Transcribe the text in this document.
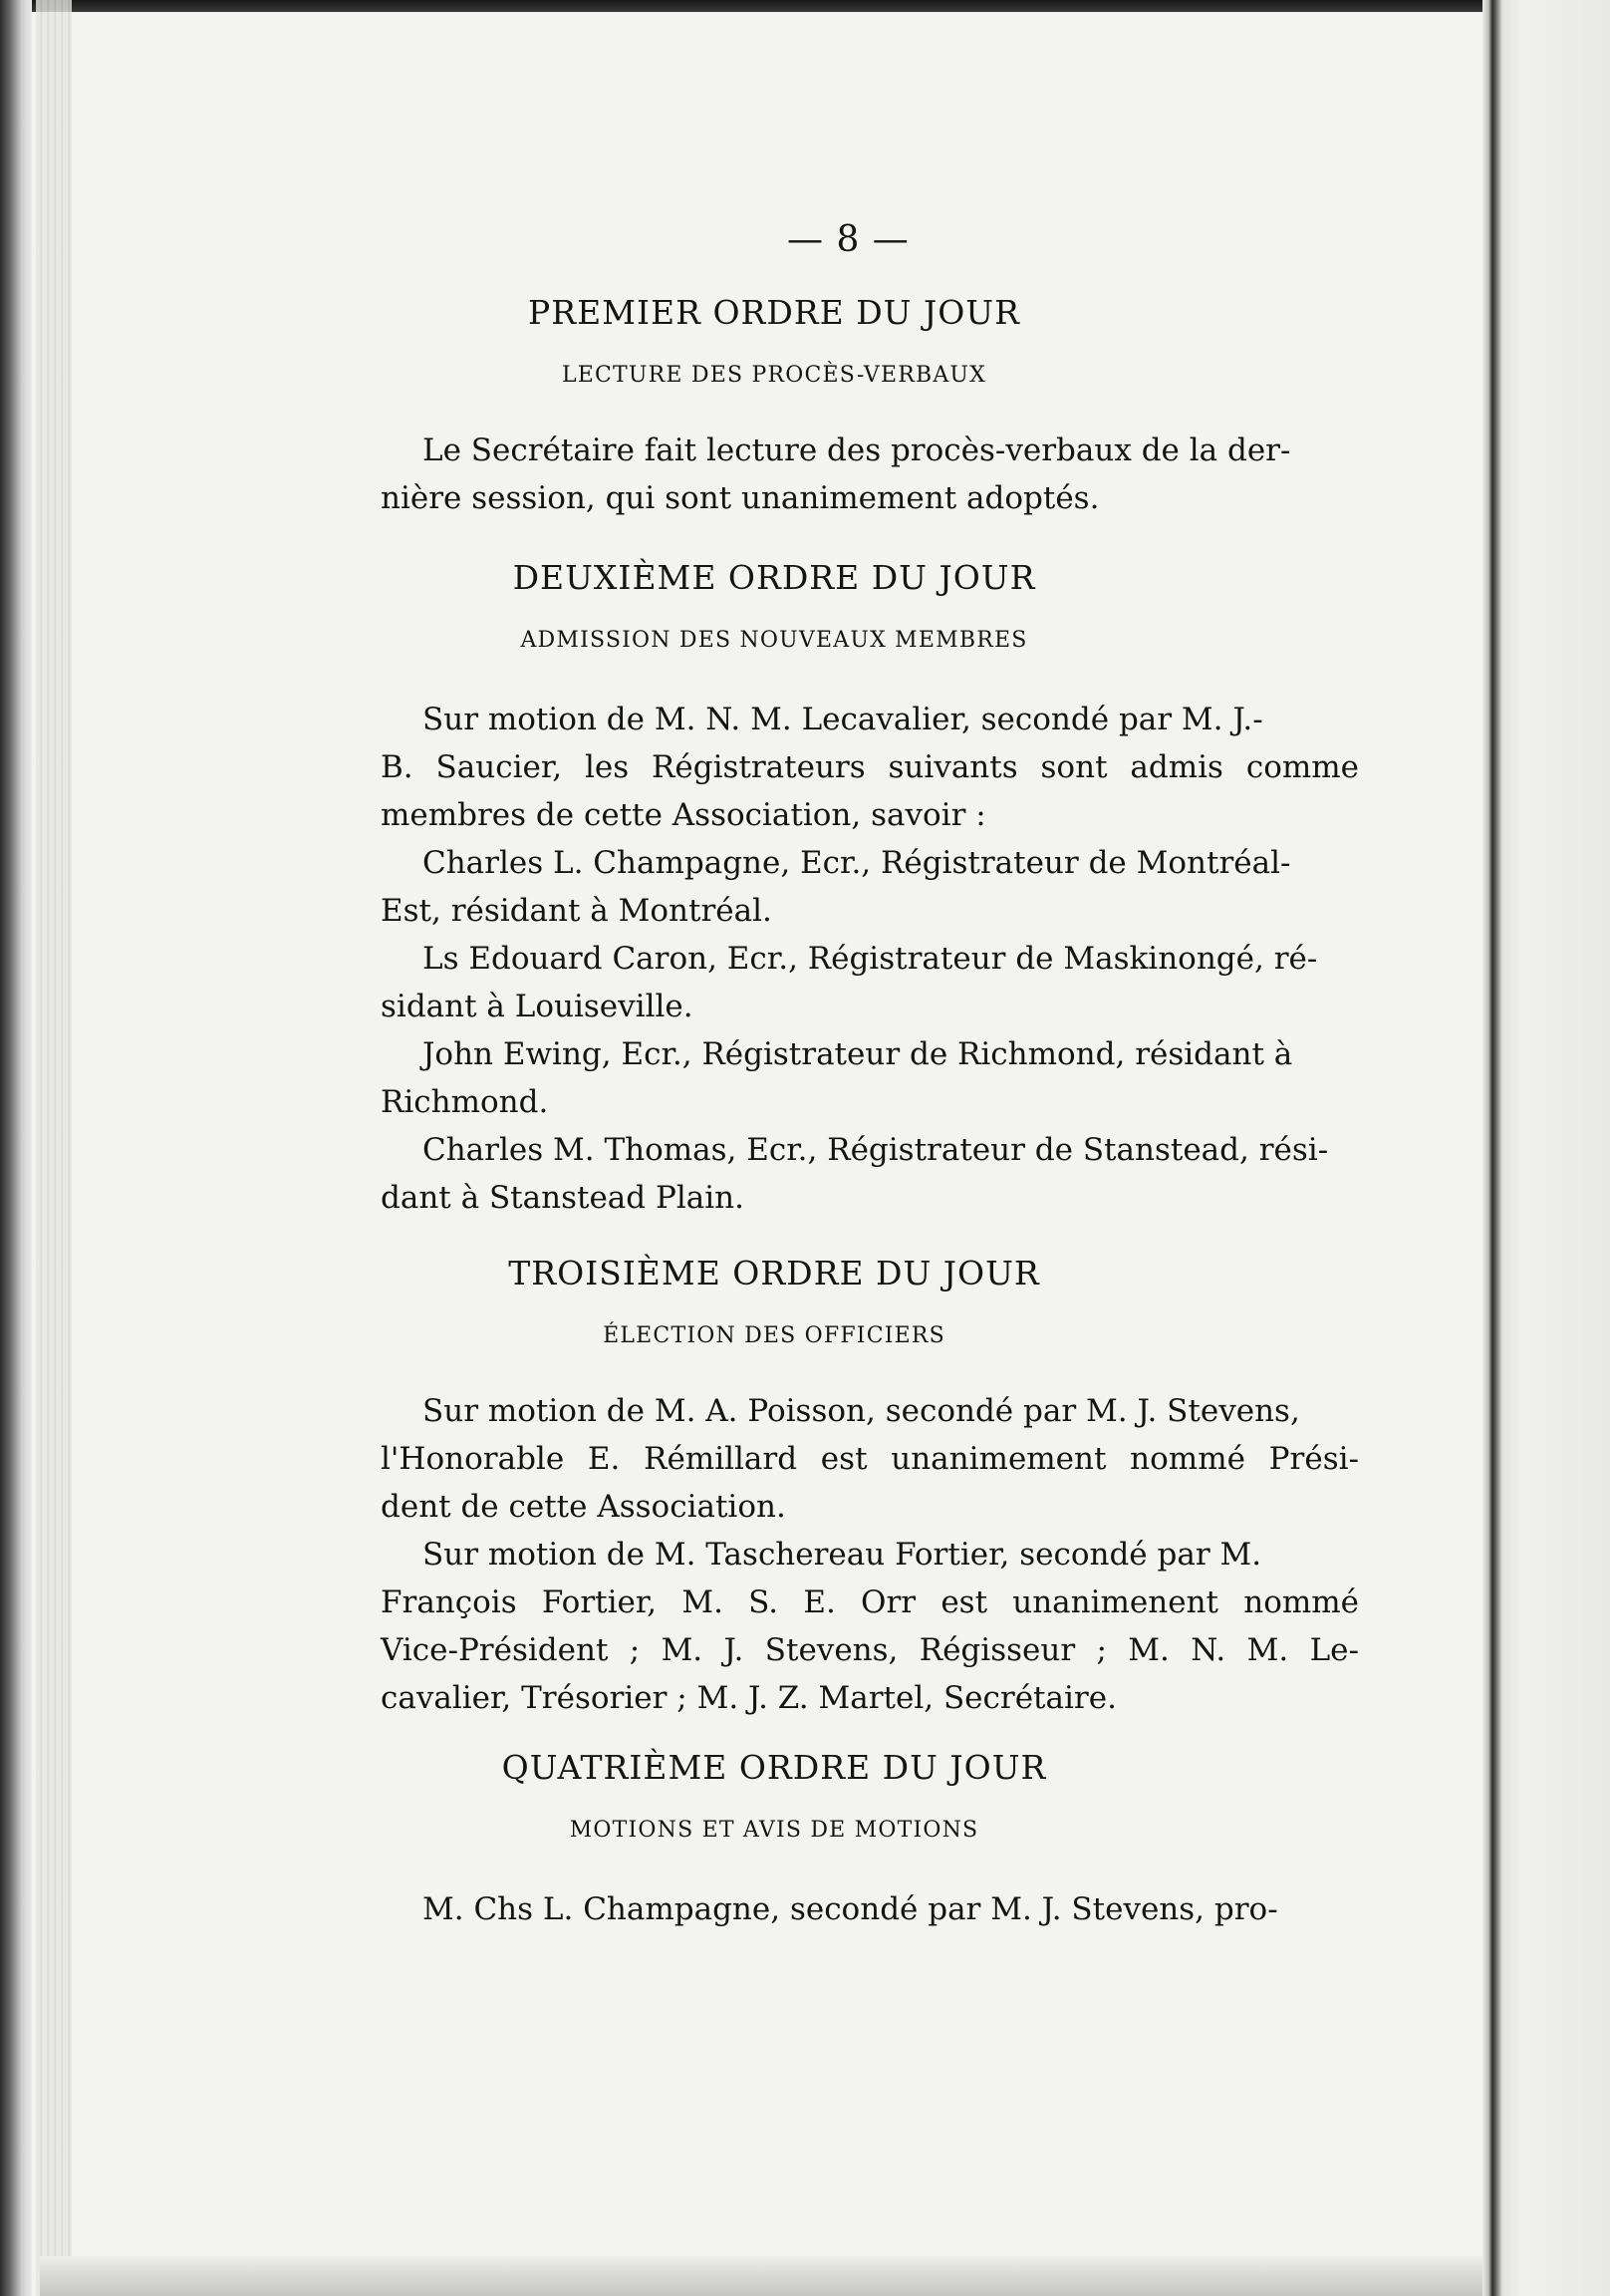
— 8 —
PREMIER ORDRE DU JOUR
LECTURE DES PROCÈS-VERBAUX
Le Secrétaire fait lecture des procès-verbaux de la der-
nière session, qui sont unanimement adoptés.
DEUXIÈME ORDRE DU JOUR
ADMISSION DES NOUVEAUX MEMBRES
Sur motion de M. N. M. Lecavalier, secondé par M. J.-
B. Saucier, les Régistrateurs suivants sont admis comme
membres de cette Association, savoir :
Charles L. Champagne, Ecr., Régistrateur de Montréal-
Est, résidant à Montréal.
Ls Edouard Caron, Ecr., Régistrateur de Maskinongé, ré-
sidant à Louiseville.
John Ewing, Ecr., Régistrateur de Richmond, résidant à
Richmond.
Charles M. Thomas, Ecr., Régistrateur de Stanstead, rési-
dant à Stanstead Plain.
TROISIÈME ORDRE DU JOUR
ÉLECTION DES OFFICIERS
Sur motion de M. A. Poisson, secondé par M. J. Stevens,
l'Honorable E. Rémillard est unanimement nommé Prési-
dent de cette Association.
Sur motion de M. Taschereau Fortier, secondé par M.
François Fortier, M. S. E. Orr est unanimenent nommé
Vice-Président ; M. J. Stevens, Régisseur ; M. N. M. Le-
cavalier, Trésorier ; M. J. Z. Martel, Secrétaire.
QUATRIÈME ORDRE DU JOUR
MOTIONS ET AVIS DE MOTIONS
M. Chs L. Champagne, secondé par M. J. Stevens, pro-
